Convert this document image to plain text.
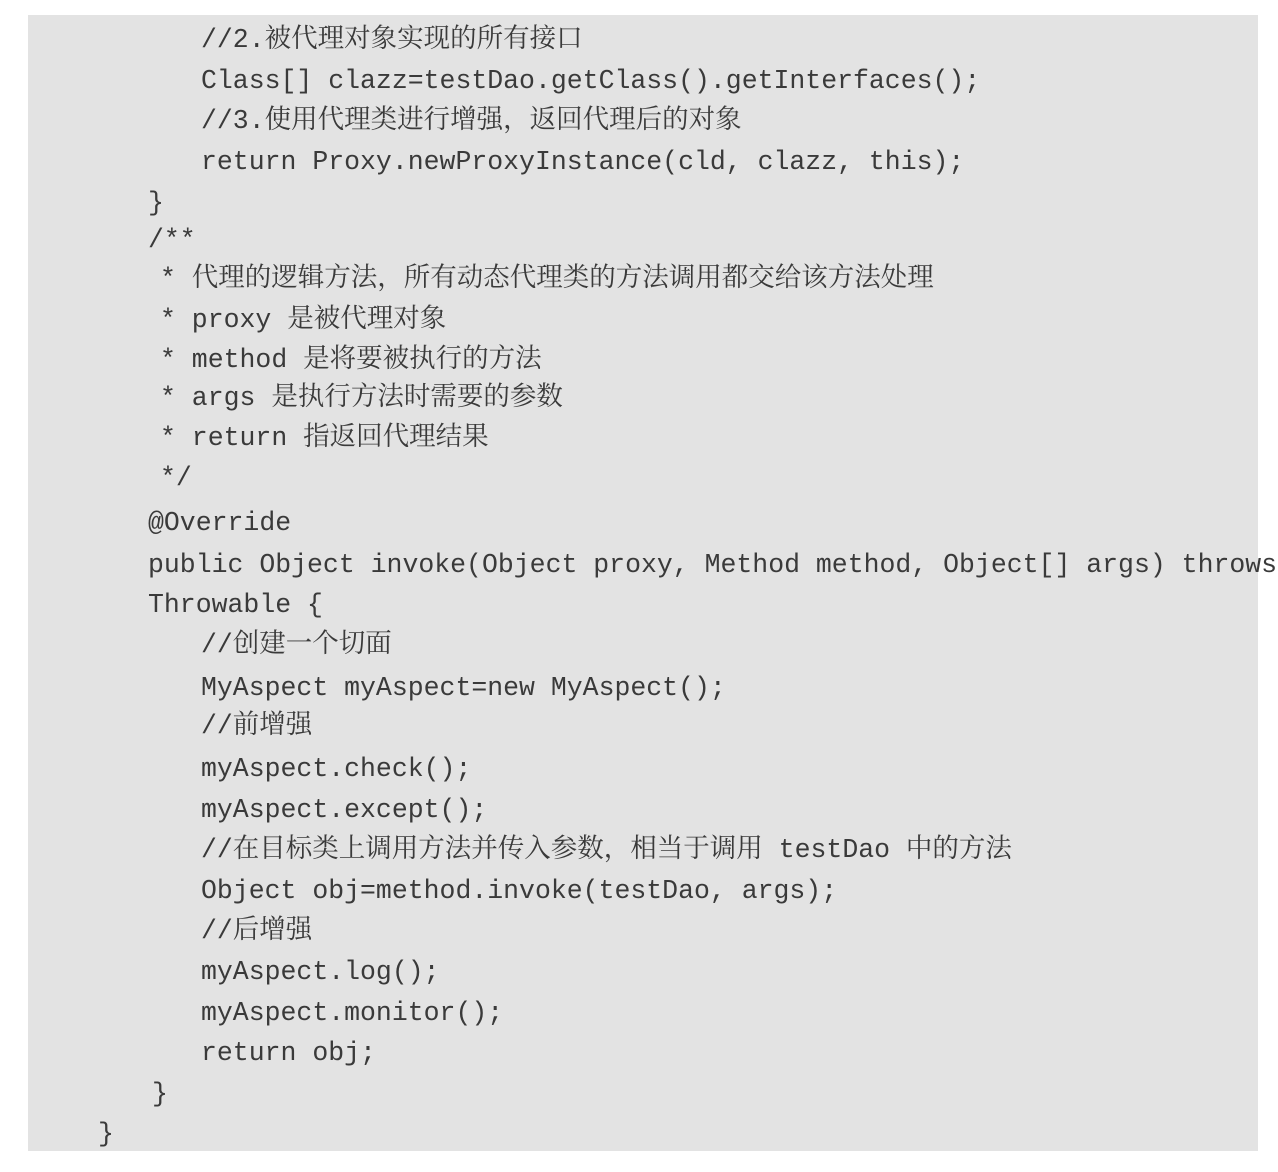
//2.被代理对象实现的所有接口
Class[] clazz=testDao.getClass().getInterfaces();
//3.使用代理类进行增强，返回代理后的对象
return Proxy.newProxyInstance(cld, clazz, this);
}
/**
* 代理的逻辑方法，所有动态代理类的方法调用都交给该方法处理
* proxy 是被代理对象
* method 是将要被执行的方法
* args 是执行方法时需要的参数
* return 指返回代理结果
*/
@Override
public Object invoke(Object proxy, Method method, Object[] args) throws
Throwable {
//创建一个切面
MyAspect myAspect=new MyAspect();
//前增强
myAspect.check();
myAspect.except();
//在目标类上调用方法并传入参数，相当于调用 testDao 中的方法
Object obj=method.invoke(testDao, args);
//后增强
myAspect.log();
myAspect.monitor();
return obj;
}
}
